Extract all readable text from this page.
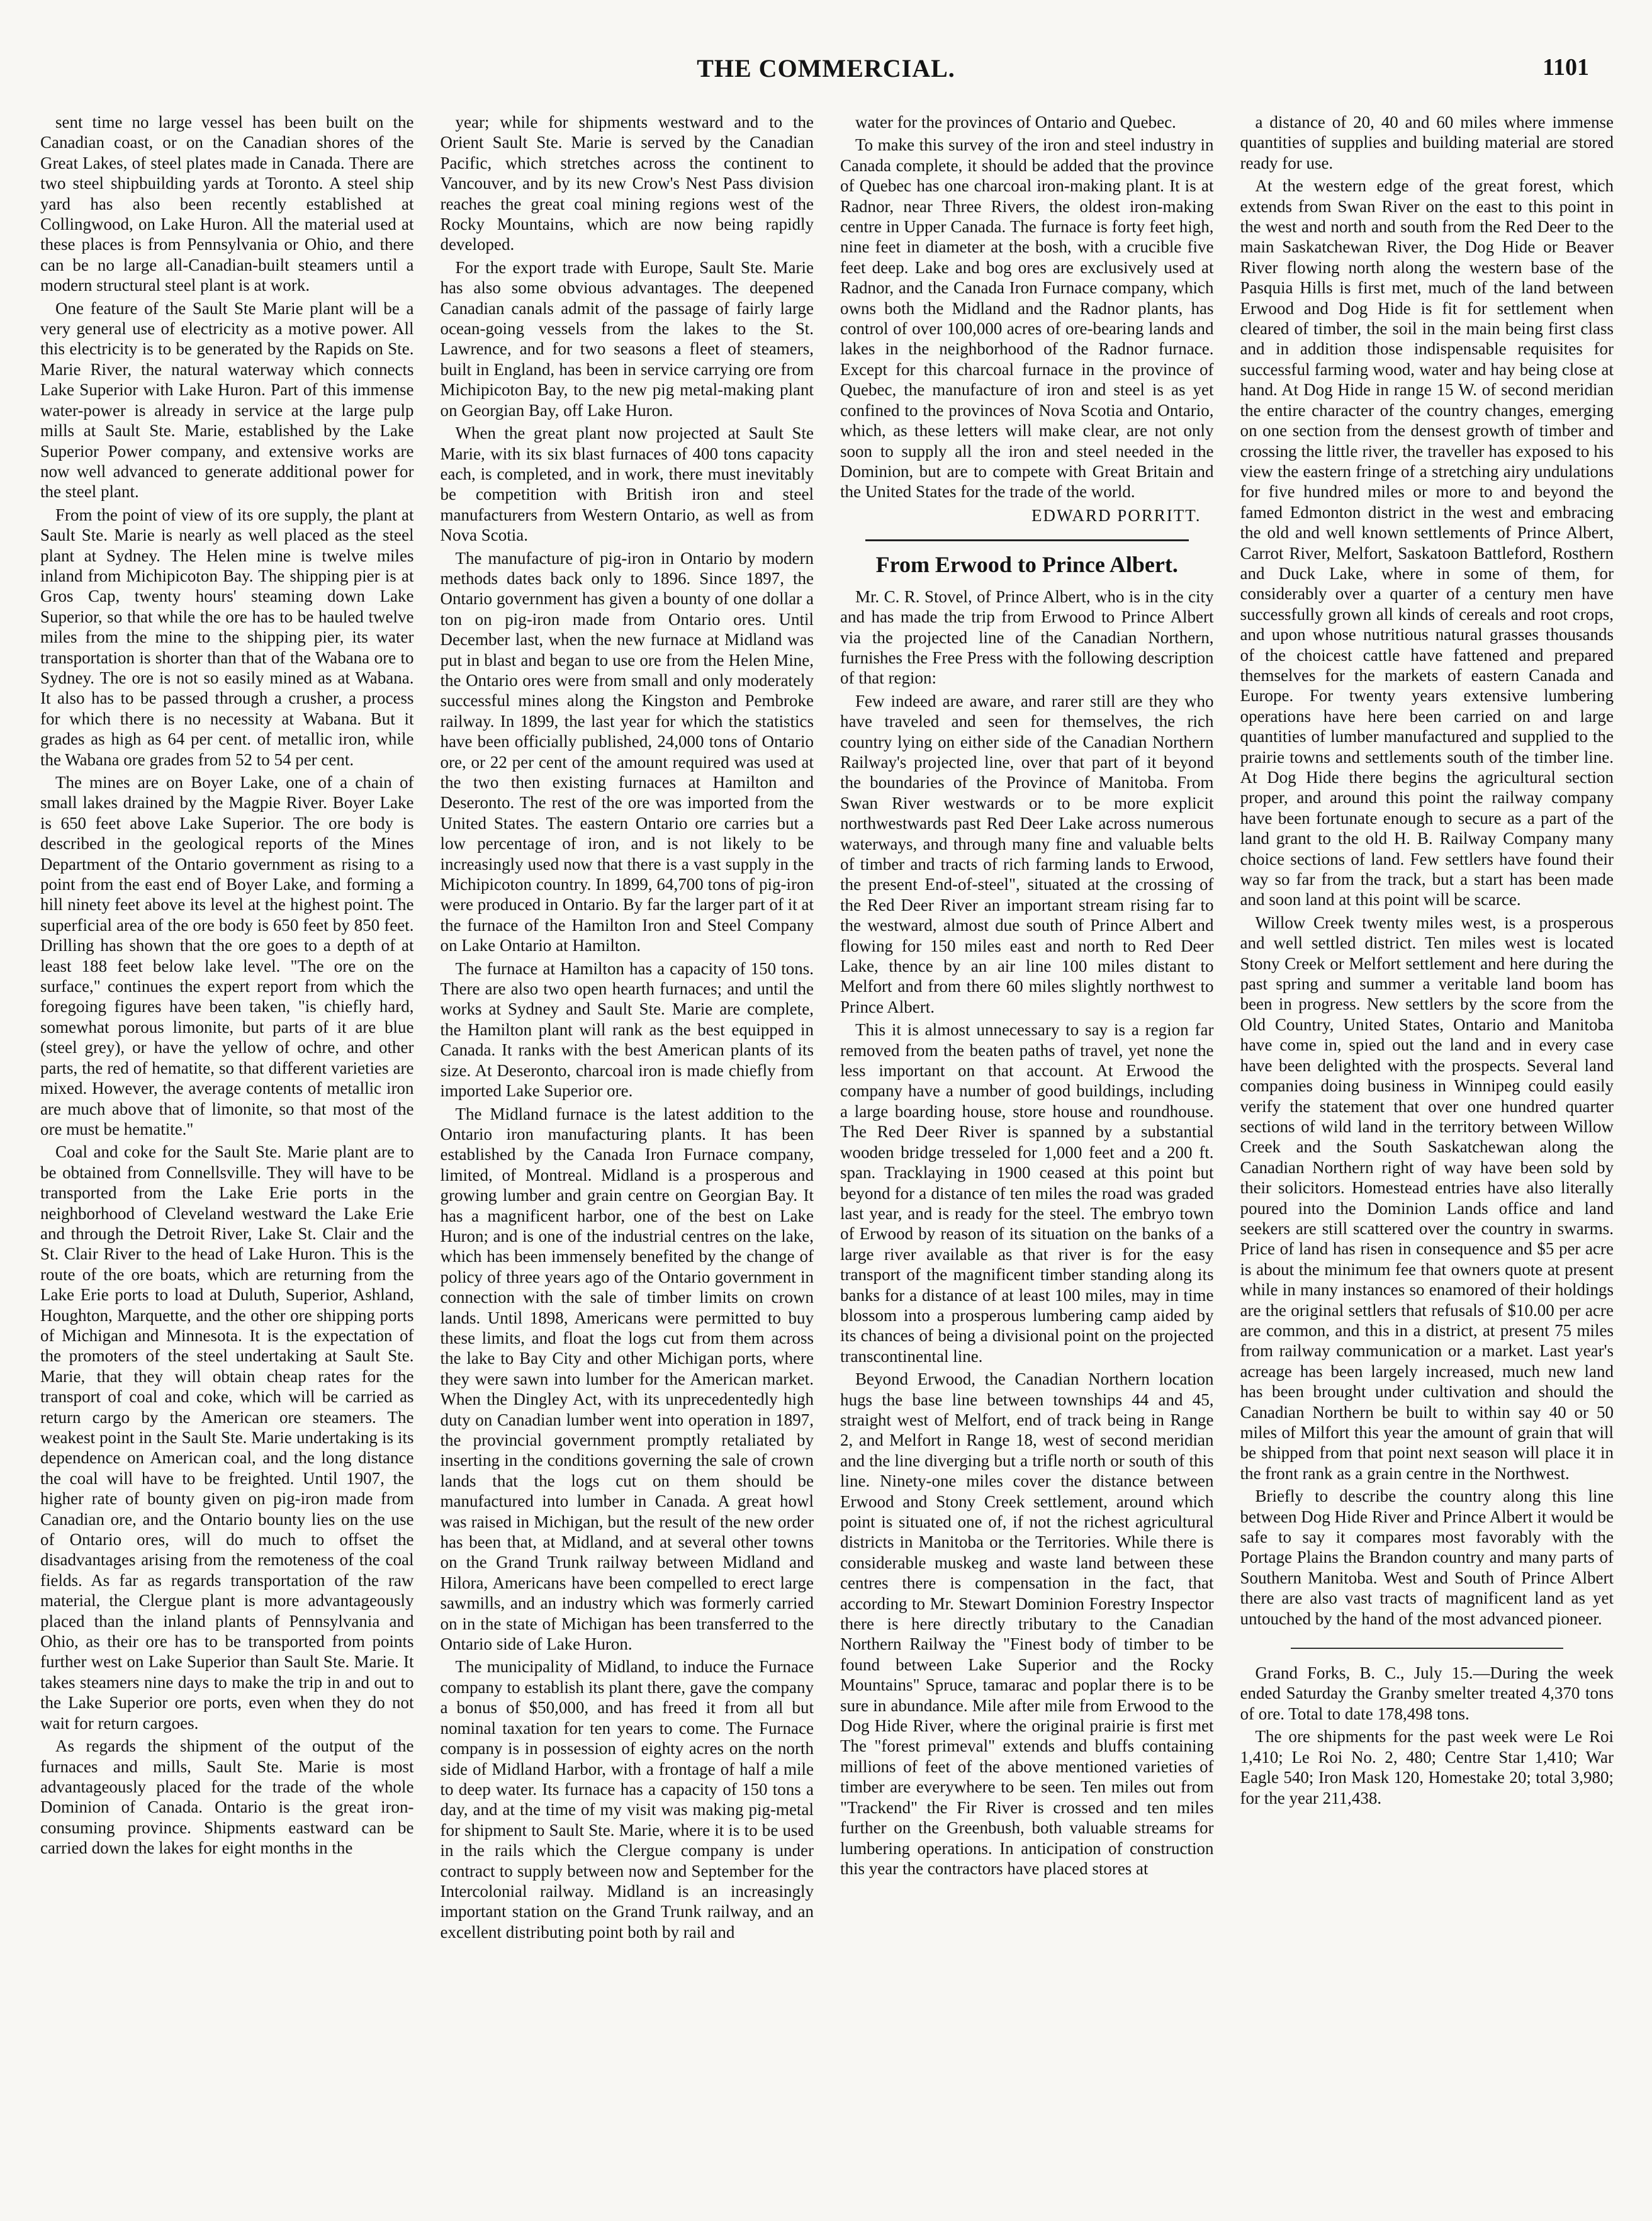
THE COMMERCIAL.	1101

sent time no large vessel has been built on the Canadian coast, or on the Canadian shores of the Great Lakes, of steel plates made in Canada. There are two steel shipbuilding yards at Toronto. A steel ship yard has also been recently established at Collingwood, on Lake Huron. All the material used at these places is from Pennsylvania or Ohio, and there can be no large all-Canadian-built steamers until a modern structural steel plant is at work.

One feature of the Sault Ste Marie plant will be a very general use of electricity as a motive power. All this electricity is to be generated by the Rapids on Ste. Marie River, the natural waterway which connects Lake Superior with Lake Huron. Part of this immense water-power is already in service at the large pulp mills at Sault Ste. Marie, established by the Lake Superior Power company, and extensive works are now well advanced to generate additional power for the steel plant.

From the point of view of its ore supply, the plant at Sault Ste. Marie is nearly as well placed as the steel plant at Sydney. The Helen mine is twelve miles inland from Michipicoton Bay. The shipping pier is at Gros Cap, twenty hours' steaming down Lake Superior, so that while the ore has to be hauled twelve miles from the mine to the shipping pier, its water transportation is shorter than that of the Wabana ore to Sydney. The ore is not so easily mined as at Wabana. It also has to be passed through a crusher, a process for which there is no necessity at Wabana. But it grades as high as 64 per cent. of metallic iron, while the Wabana ore grades from 52 to 54 per cent.

The mines are on Boyer Lake, one of a chain of small lakes drained by the Magpie River. Boyer Lake is 650 feet above Lake Superior. The ore body is described in the geological reports of the Mines Department of the Ontario government as rising to a point from the east end of Boyer Lake, and forming a hill ninety feet above its level at the highest point. The superficial area of the ore body is 650 feet by 850 feet. Drilling has shown that the ore goes to a depth of at least 188 feet below lake level. "The ore on the surface," continues the expert report from which the foregoing figures have been taken, "is chiefly hard, somewhat porous limonite, but parts of it are blue (steel grey), or have the yellow of ochre, and other parts, the red of hematite, so that different varieties are mixed. However, the average contents of metallic iron are much above that of limonite, so that most of the ore must be hematite."

Coal and coke for the Sault Ste. Marie plant are to be obtained from Connellsville. They will have to be transported from the Lake Erie ports in the neighborhood of Cleveland westward the Lake Erie and through the Detroit River, Lake St. Clair and the St. Clair River to the head of Lake Huron. This is the route of the ore boats, which are returning from the Lake Erie ports to load at Duluth, Superior, Ashland, Houghton, Marquette, and the other ore shipping ports of Michigan and Minnesota. It is the expectation of the promoters of the steel undertaking at Sault Ste. Marie, that they will obtain cheap rates for the transport of coal and coke, which will be carried as return cargo by the American ore steamers. The weakest point in the Sault Ste. Marie undertaking is its dependence on American coal, and the long distance the coal will have to be freighted. Until 1907, the higher rate of bounty given on pig-iron made from Canadian ore, and the Ontario bounty lies on the use of Ontario ores, will do much to offset the disadvantages arising from the remoteness of the coal fields. As far as regards transportation of the raw material, the Clergue plant is more advantageously placed than the inland plants of Pennsylvania and Ohio, as their ore has to be transported from points further west on Lake Superior than Sault Ste. Marie. It takes steamers nine days to make the trip in and out to the Lake Superior ore ports, even when they do not wait for return cargoes.

As regards the shipment of the output of the furnaces and mills, Sault Ste. Marie is most advantageously placed for the trade of the whole Dominion of Canada. Ontario is the great iron-consuming province. Shipments eastward can be carried down the lakes for eight months in the

year; while for shipments westward and to the Orient Sault Ste. Marie is served by the Canadian Pacific, which stretches across the continent to Vancouver, and by its new Crow's Nest Pass division reaches the great coal mining regions west of the Rocky Mountains, which are now being rapidly developed.

For the export trade with Europe, Sault Ste. Marie has also some obvious advantages. The deepened Canadian canals admit of the passage of fairly large ocean-going vessels from the lakes to the St. Lawrence, and for two seasons a fleet of steamers, built in England, has been in service carrying ore from Michipicoton Bay, to the new pig metal-making plant on Georgian Bay, off Lake Huron.

When the great plant now projected at Sault Ste Marie, with its six blast furnaces of 400 tons capacity each, is completed, and in work, there must inevitably be competition with British iron and steel manufacturers from Western Ontario, as well as from Nova Scotia.

The manufacture of pig-iron in Ontario by modern methods dates back only to 1896. Since 1897, the Ontario government has given a bounty of one dollar a ton on pig-iron made from Ontario ores. Until December last, when the new furnace at Midland was put in blast and began to use ore from the Helen Mine, the Ontario ores were from small and only moderately successful mines along the Kingston and Pembroke railway. In 1899, the last year for which the statistics have been officially published, 24,000 tons of Ontario ore, or 22 per cent of the amount required was used at the two then existing furnaces at Hamilton and Deseronto. The rest of the ore was imported from the United States. The eastern Ontario ore carries but a low percentage of iron, and is not likely to be increasingly used now that there is a vast supply in the Michipicoton country. In 1899, 64,700 tons of pig-iron were produced in Ontario. By far the larger part of it at the furnace of the Hamilton Iron and Steel Company on Lake Ontario at Hamilton.

The furnace at Hamilton has a capacity of 150 tons. There are also two open hearth furnaces; and until the works at Sydney and Sault Ste. Marie are complete, the Hamilton plant will rank as the best equipped in Canada. It ranks with the best American plants of its size. At Deseronto, charcoal iron is made chiefly from imported Lake Superior ore.

The Midland furnace is the latest addition to the Ontario iron manufacturing plants. It has been established by the Canada Iron Furnace company, limited, of Montreal. Midland is a prosperous and growing lumber and grain centre on Georgian Bay. It has a magnificent harbor, one of the best on Lake Huron; and is one of the industrial centres on the lake, which has been immensely benefited by the change of policy of three years ago of the Ontario government in connection with the sale of timber limits on crown lands. Until 1898, Americans were permitted to buy these limits, and float the logs cut from them across the lake to Bay City and other Michigan ports, where they were sawn into lumber for the American market. When the Dingley Act, with its unprecedentedly high duty on Canadian lumber went into operation in 1897, the provincial government promptly retaliated by inserting in the conditions governing the sale of crown lands that the logs cut on them should be manufactured into lumber in Canada. A great howl was raised in Michigan, but the result of the new order has been that, at Midland, and at several other towns on the Grand Trunk railway between Midland and Hilora, Americans have been compelled to erect large sawmills, and an industry which was formerly carried on in the state of Michigan has been transferred to the Ontario side of Lake Huron.

The municipality of Midland, to induce the Furnace company to establish its plant there, gave the company a bonus of $50,000, and has freed it from all but nominal taxation for ten years to come. The Furnace company is in possession of eighty acres on the north side of Midland Harbor, with a frontage of half a mile to deep water. Its furnace has a capacity of 150 tons a day, and at the time of my visit was making pig-metal for shipment to Sault Ste. Marie, where it is to be used in the rails which the Clergue company is under contract to supply between now and September for the Intercolonial railway. Midland is an increasingly important station on the Grand Trunk railway, and an excellent distributing point both by rail and

water for the provinces of Ontario and Quebec.

To make this survey of the iron and steel industry in Canada complete, it should be added that the province of Quebec has one charcoal iron-making plant. It is at Radnor, near Three Rivers, the oldest iron-making centre in Upper Canada. The furnace is forty feet high, nine feet in diameter at the bosh, with a crucible five feet deep. Lake and bog ores are exclusively used at Radnor, and the Canada Iron Furnace company, which owns both the Midland and the Radnor plants, has control of over 100,000 acres of ore-bearing lands and lakes in the neighborhood of the Radnor furnace. Except for this charcoal furnace in the province of Quebec, the manufacture of iron and steel is as yet confined to the provinces of Nova Scotia and Ontario, which, as these letters will make clear, are not only soon to supply all the iron and steel needed in the Dominion, but are to compete with Great Britain and the United States for the trade of the world.

EDWARD PORRITT.
From Erwood to Prince Albert.

Mr. C. R. Stovel, of Prince Albert, who is in the city and has made the trip from Erwood to Prince Albert via the projected line of the Canadian Northern, furnishes the Free Press with the following description of that region:

Few indeed are aware, and rarer still are they who have traveled and seen for themselves, the rich country lying on either side of the Canadian Northern Railway's projected line, over that part of it beyond the boundaries of the Province of Manitoba. From Swan River westwards or to be more explicit northwestwards past Red Deer Lake across numerous waterways, and through many fine and valuable belts of timber and tracts of rich farming lands to Erwood, the present End-of-steel", situated at the crossing of the Red Deer River an important stream rising far to the westward, almost due south of Prince Albert and flowing for 150 miles east and north to Red Deer Lake, thence by an air line 100 miles distant to Melfort and from there 60 miles slightly northwest to Prince Albert.

This it is almost unnecessary to say is a region far removed from the beaten paths of travel, yet none the less important on that account. At Erwood the company have a number of good buildings, including a large boarding house, store house and roundhouse. The Red Deer River is spanned by a substantial wooden bridge tresseled for 1,000 feet and a 200 ft. span. Tracklaying in 1900 ceased at this point but beyond for a distance of ten miles the road was graded last year, and is ready for the steel. The embryo town of Erwood by reason of its situation on the banks of a large river available as that river is for the easy transport of the magnificent timber standing along its banks for a distance of at least 100 miles, may in time blossom into a prosperous lumbering camp aided by its chances of being a divisional point on the projected transcontinental line.

Beyond Erwood, the Canadian Northern location hugs the base line between townships 44 and 45, straight west of Melfort, end of track being in Range 2, and Melfort in Range 18, west of second meridian and the line diverging but a trifle north or south of this line. Ninety-one miles cover the distance between Erwood and Stony Creek settlement, around which point is situated one of, if not the richest agricultural districts in Manitoba or the Territories. While there is considerable muskeg and waste land between these centres there is compensation in the fact, that according to Mr. Stewart Dominion Forestry Inspector there is here directly tributary to the Canadian Northern Railway the "Finest body of timber to be found between Lake Superior and the Rocky Mountains" Spruce, tamarac and poplar there is to be sure in abundance. Mile after mile from Erwood to the Dog Hide River, where the original prairie is first met The "forest primeval" extends and bluffs containing millions of feet of the above mentioned varieties of timber are everywhere to be seen. Ten miles out from "Trackend" the Fir River is crossed and ten miles further on the Greenbush, both valuable streams for lumbering operations. In anticipation of construction this year the contractors have placed stores at

a distance of 20, 40 and 60 miles where immense quantities of supplies and building material are stored ready for use.

At the western edge of the great forest, which extends from Swan River on the east to this point in the west and north and south from the Red Deer to the main Saskatchewan River, the Dog Hide or Beaver River flowing north along the western base of the Pasquia Hills is first met, much of the land between Erwood and Dog Hide is fit for settlement when cleared of timber, the soil in the main being first class and in addition those indispensable requisites for successful farming wood, water and hay being close at hand. At Dog Hide in range 15 W. of second meridian the entire character of the country changes, emerging on one section from the densest growth of timber and crossing the little river, the traveller has exposed to his view the eastern fringe of a stretching airy undulations for five hundred miles or more to and beyond the famed Edmonton district in the west and embracing the old and well known settlements of Prince Albert, Carrot River, Melfort, Saskatoon Battleford, Rosthern and Duck Lake, where in some of them, for considerably over a quarter of a century men have successfully grown all kinds of cereals and root crops, and upon whose nutritious natural grasses thousands of the choicest cattle have fattened and prepared themselves for the markets of eastern Canada and Europe. For twenty years extensive lumbering operations have here been carried on and large quantities of lumber manufactured and supplied to the prairie towns and settlements south of the timber line. At Dog Hide there begins the agricultural section proper, and around this point the railway company have been fortunate enough to secure as a part of the land grant to the old H. B. Railway Company many choice sections of land. Few settlers have found their way so far from the track, but a start has been made and soon land at this point will be scarce.

Willow Creek twenty miles west, is a prosperous and well settled district. Ten miles west is located Stony Creek or Melfort settlement and here during the past spring and summer a veritable land boom has been in progress. New settlers by the score from the Old Country, United States, Ontario and Manitoba have come in, spied out the land and in every case have been delighted with the prospects. Several land companies doing business in Winnipeg could easily verify the statement that over one hundred quarter sections of wild land in the territory between Willow Creek and the South Saskatchewan along the Canadian Northern right of way have been sold by their solicitors. Homestead entries have also literally poured into the Dominion Lands office and land seekers are still scattered over the country in swarms. Price of land has risen in consequence and $5 per acre is about the minimum fee that owners quote at present while in many instances so enamored of their holdings are the original settlers that refusals of $10.00 per acre are common, and this in a district, at present 75 miles from railway communication or a market. Last year's acreage has been largely increased, much new land has been brought under cultivation and should the Canadian Northern be built to within say 40 or 50 miles of Milfort this year the amount of grain that will be shipped from that point next season will place it in the front rank as a grain centre in the Northwest.

Briefly to describe the country along this line between Dog Hide River and Prince Albert it would be safe to say it compares most favorably with the Portage Plains the Brandon country and many parts of Southern Manitoba. West and South of Prince Albert there are also vast tracts of magnificent land as yet untouched by the hand of the most advanced pioneer.

Grand Forks, B. C., July 15.—During the week ended Saturday the Granby smelter treated 4,370 tons of ore. Total to date 178,498 tons.

The ore shipments for the past week were Le Roi 1,410; Le Roi No. 2, 480; Centre Star 1,410; War Eagle 540; Iron Mask 120, Homestake 20; total 3,980; for the year 211,438.
